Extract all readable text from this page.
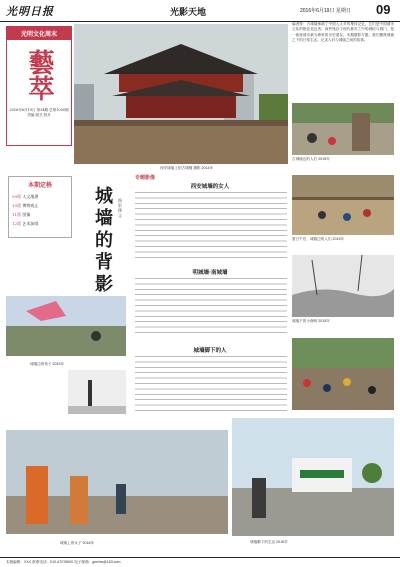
光明日报	光影天地	2016年6月19日 星期日 09
光明文化周末
藝萃
2016年6月19日 第34期 总第1000期
责编 版式 校对
西安城墙上的古城楼 摄影 2014年
编者按：古城墙承载了中国人太多的集体记忆，它们是中国城市文化的绝佳见证者。那些残存于现代都市之中的城垣与城门，是一座座城市最为珍贵的历史遗存。本期摄影专题，我们聚焦城墙之下的日常生活，记录人们与城墙之间的故事。
古城墙边的人们 2015年
夏日午后，城墙边的人们 2015年
城墙下的小商贩 2015年
城墙脚下的生活 2016年
城墙边的孩子 2015年
城墙上的女子 2016年
本期定格
09版 人文地理
10版 博物观止
11版 图像
12版 艺术前哨
专题影像
城墙的背影
摄影 撰文
西安城墙的女人
明城墙·南城墙
城墙脚下的人
本版编辑：XXX 联系电话：010-67078000 电子邮箱：gmrbw@163.com
